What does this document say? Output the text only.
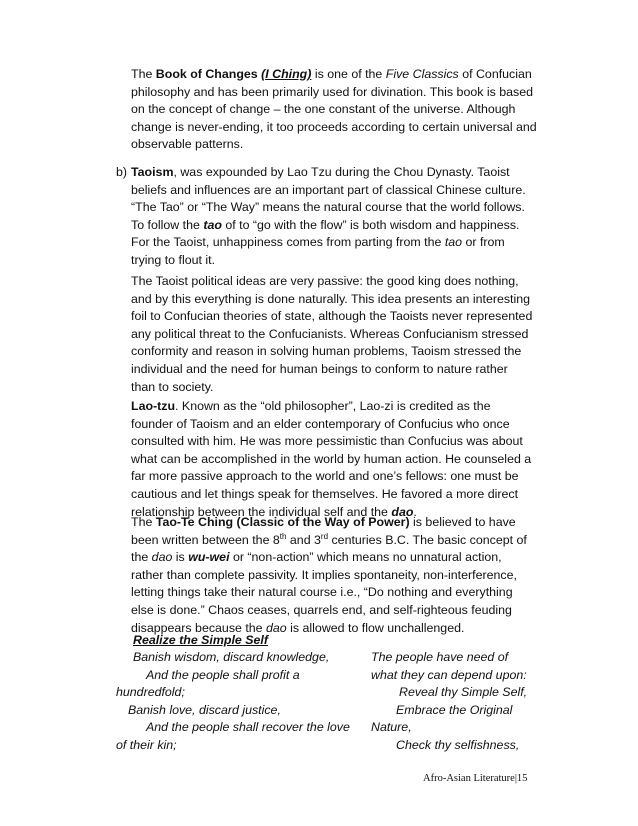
The Book of Changes (I Ching) is one of the Five Classics of Confucian
philosophy and has been primarily used for divination. This book is based
on the concept of change – the one constant of the universe. Although
change is never-ending, it too proceeds according to certain universal and
observable patterns.

b) Taoism, was expounded by Lao Tzu during the Chou Dynasty. Taoist
beliefs and influences are an important part of classical Chinese culture.
“The Tao” or “The Way” means the natural course that the world follows.
To follow the tao of to “go with the flow” is both wisdom and happiness.
For the Taoist, unhappiness comes from parting from the tao or from
trying to flout it.

The Taoist political ideas are very passive: the good king does nothing,
and by this everything is done naturally. This idea presents an interesting
foil to Confucian theories of state, although the Taoists never represented
any political threat to the Confucianists. Whereas Confucianism stressed
conformity and reason in solving human problems, Taoism stressed the
individual and the need for human beings to conform to nature rather
than to society.

Lao-tzu. Known as the “old philosopher”, Lao-zi is credited as the
founder of Taoism and an elder contemporary of Confucius who once
consulted with him. He was more pessimistic than Confucius was about
what can be accomplished in the world by human action. He counseled a
far more passive approach to the world and one’s fellows: one must be
cautious and let things speak for themselves. He favored a more direct
relationship between the individual self and the dao.

The Tao-Te Ching (Classic of the Way of Power) is believed to have
been written between the 8th and 3rd centuries B.C. The basic concept of
the dao is wu-wei or “non-action” which means no unnatural action,
rather than complete passivity. It implies spontaneity, non-interference,
letting things take their natural course i.e., “Do nothing and everything
else is done.” Chaos ceases, quarrels end, and self-righteous feuding
disappears because the dao is allowed to flow unchallenged.

Realize the Simple Self
Banish wisdom, discard knowledge,
And the people shall profit a
hundredfold;
Banish love, discard justice,
And the people shall recover the love
of their kin;
The people have need of
what they can depend upon:
Reveal thy Simple Self,
Embrace the Original
Nature,
Check thy selfishness,
Afro-Asian Literature|15
